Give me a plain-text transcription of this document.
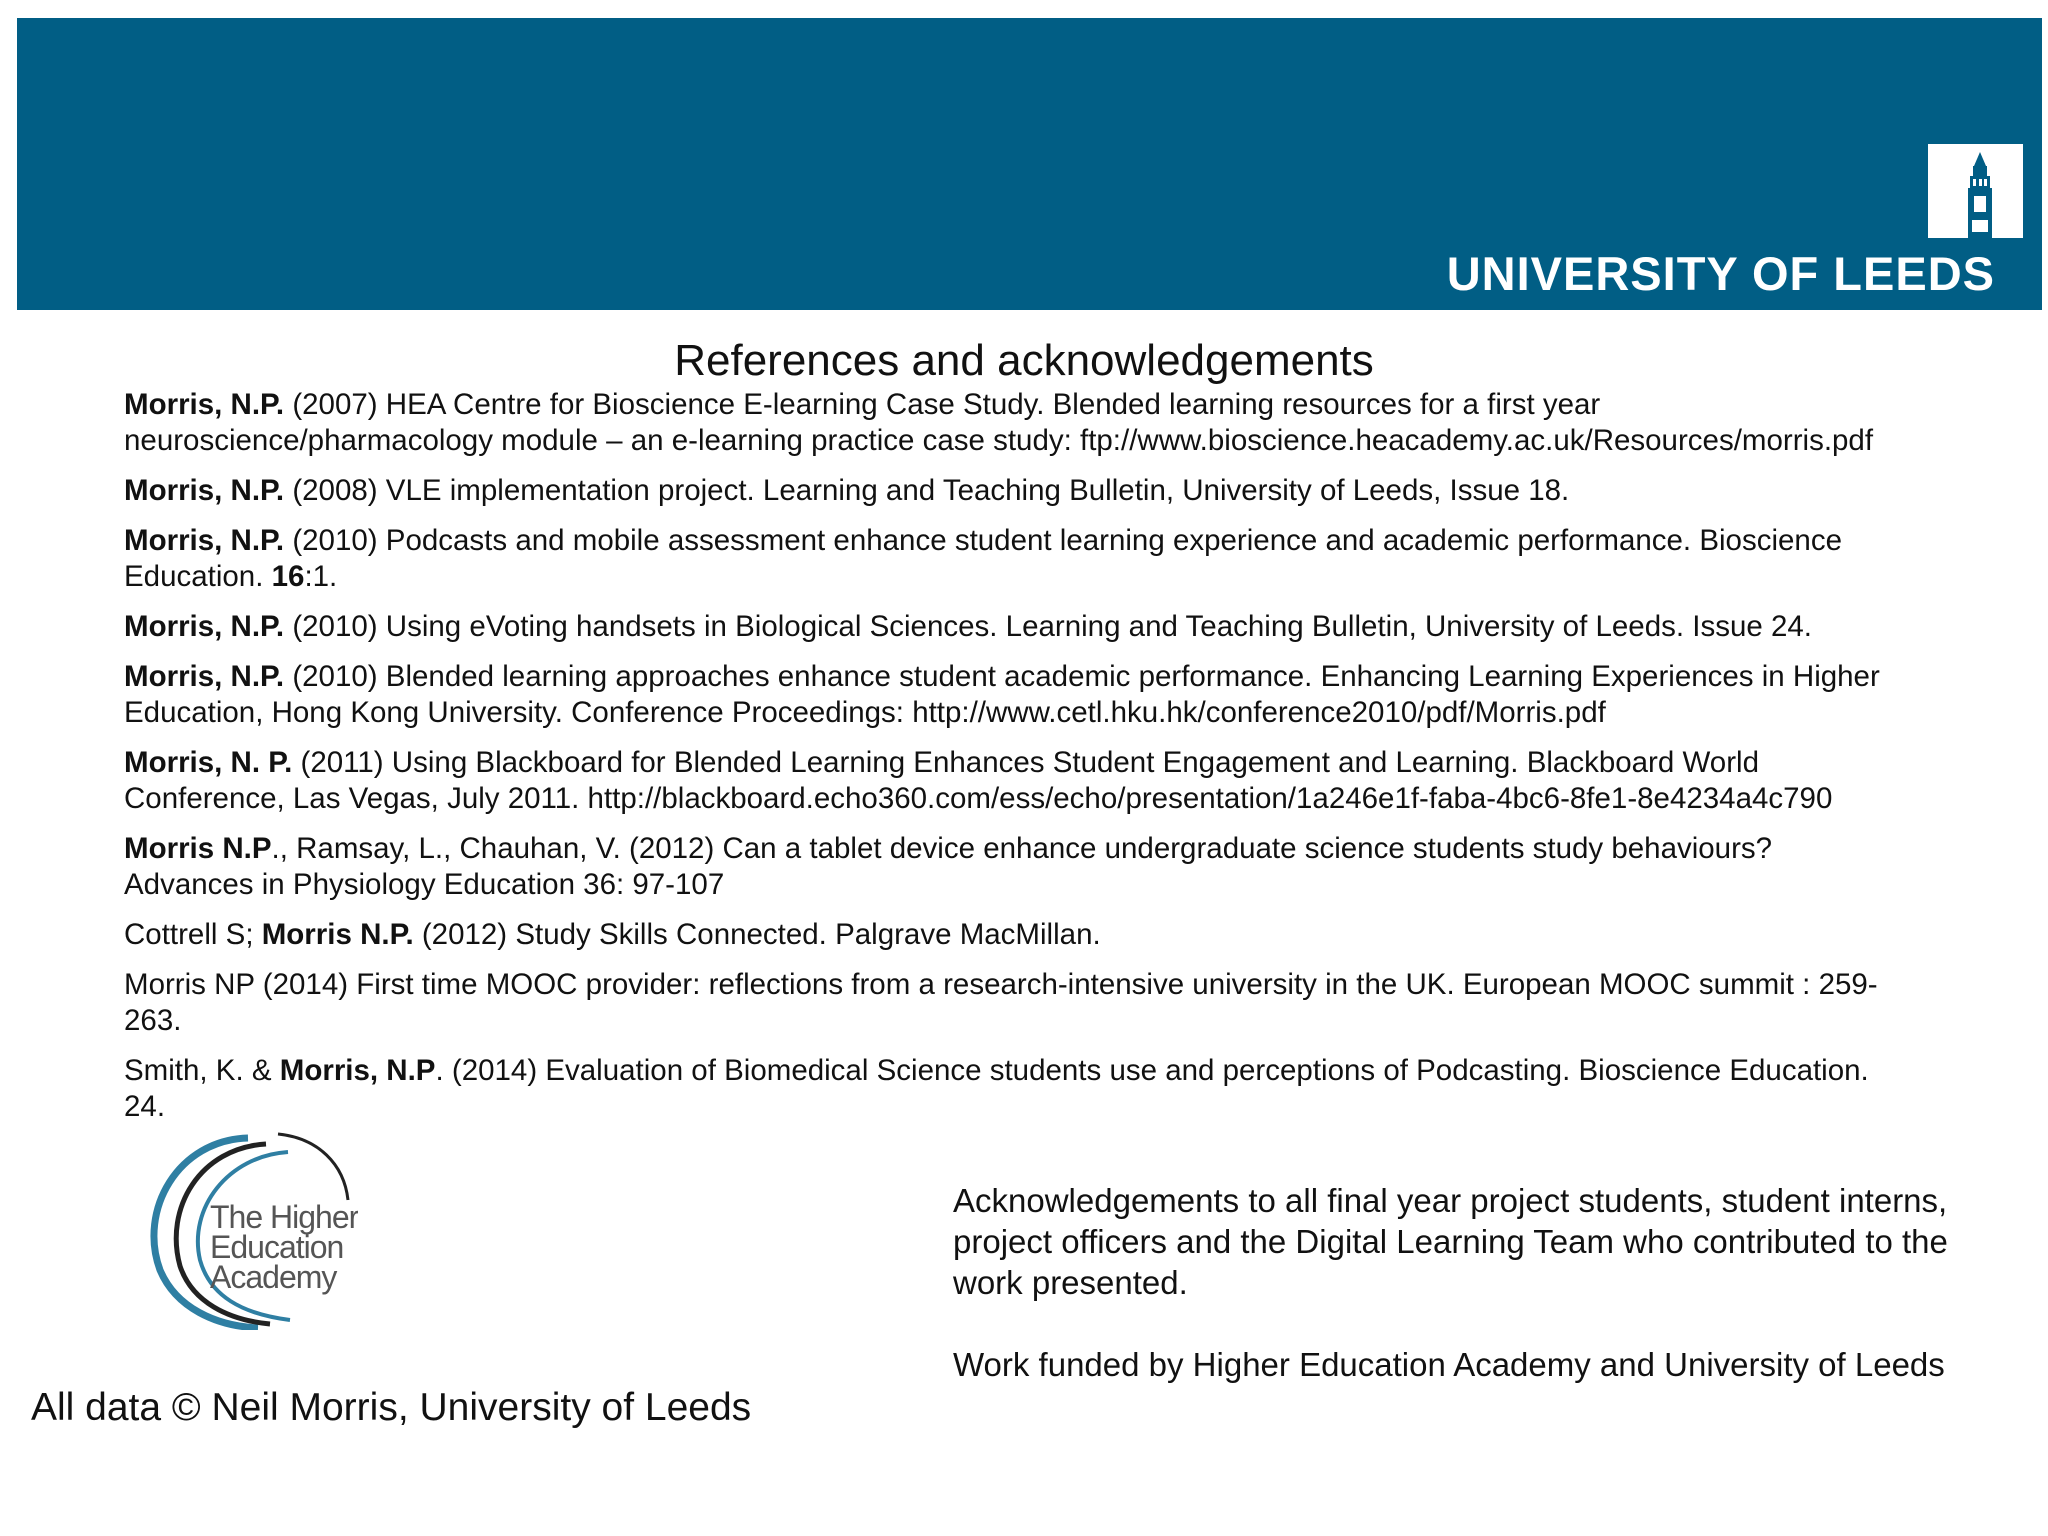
UNIVERSITY OF LEEDS
References and acknowledgements
Morris, N.P. (2007) HEA Centre for Bioscience E-learning Case Study. Blended learning resources for a first year
neuroscience/pharmacology module – an e-learning practice case study: ftp://www.bioscience.heacademy.ac.uk/Resources/morris.pdf
Morris, N.P. (2008) VLE implementation project. Learning and Teaching Bulletin, University of Leeds, Issue 18.
Morris, N.P. (2010) Podcasts and mobile assessment enhance student learning experience and academic performance. Bioscience
Education. 16:1.
Morris, N.P. (2010) Using eVoting handsets in Biological Sciences. Learning and Teaching Bulletin, University of Leeds. Issue 24.
Morris, N.P. (2010) Blended learning approaches enhance student academic performance. Enhancing Learning Experiences in Higher
Education, Hong Kong University. Conference Proceedings: http://www.cetl.hku.hk/conference2010/pdf/Morris.pdf
Morris, N. P. (2011) Using Blackboard for Blended Learning Enhances Student Engagement and Learning. Blackboard World
Conference, Las Vegas, July 2011. http://blackboard.echo360.com/ess/echo/presentation/1a246e1f-faba-4bc6-8fe1-8e4234a4c790
Morris N.P., Ramsay, L., Chauhan, V. (2012) Can a tablet device enhance undergraduate science students study behaviours?
Advances in Physiology Education 36: 97-107
Cottrell S; Morris N.P. (2012) Study Skills Connected. Palgrave MacMillan.
Morris NP (2014) First time MOOC provider: reflections from a research-intensive university in the UK. European MOOC summit : 259-
263.
Smith, K. & Morris, N.P. (2014) Evaluation of Biomedical Science students use and perceptions of Podcasting. Bioscience Education.
24.
The Higher
Education
Academy

Acknowledgements to all final year project students, student interns,

project officers and the Digital Learning Team who contributed to the

work presented.

Work funded by Higher Education Academy and University of Leeds

All data © Neil Morris, University of Leeds
